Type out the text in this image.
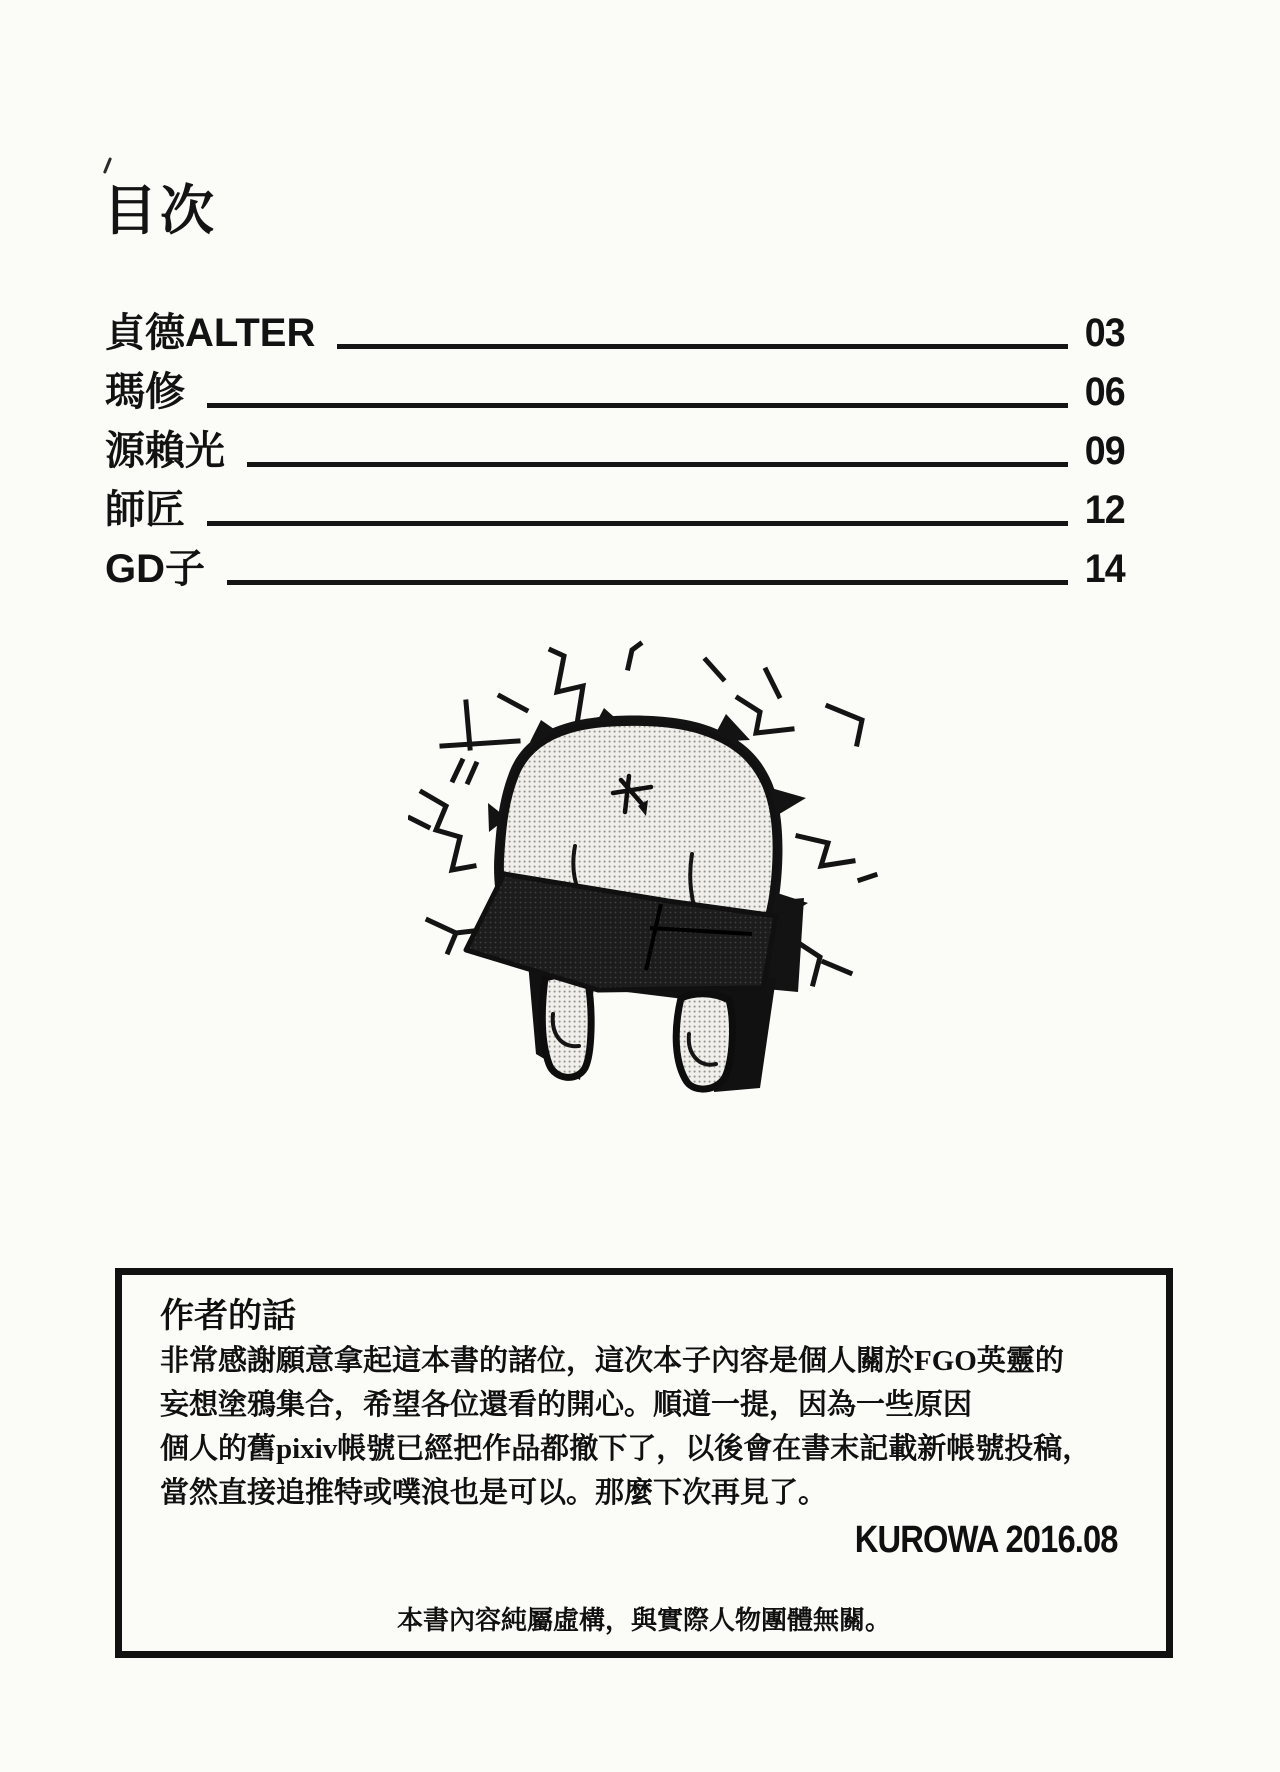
目次
貞德ALTER	03
瑪修	06
源賴光	09
師匠	12
GD子	14
作者的話
非常感謝願意拿起這本書的諸位，這次本子內容是個人關於FGO英靈的
妄想塗鴉集合，希望各位還看的開心。順道一提，因為一些原因
個人的舊pixiv帳號已經把作品都撤下了，以後會在書末記載新帳號投稿，
當然直接追推特或噗浪也是可以。那麼下次再見了。
KUROWA 2016.08
本書內容純屬虛構，與實際人物團體無關。
